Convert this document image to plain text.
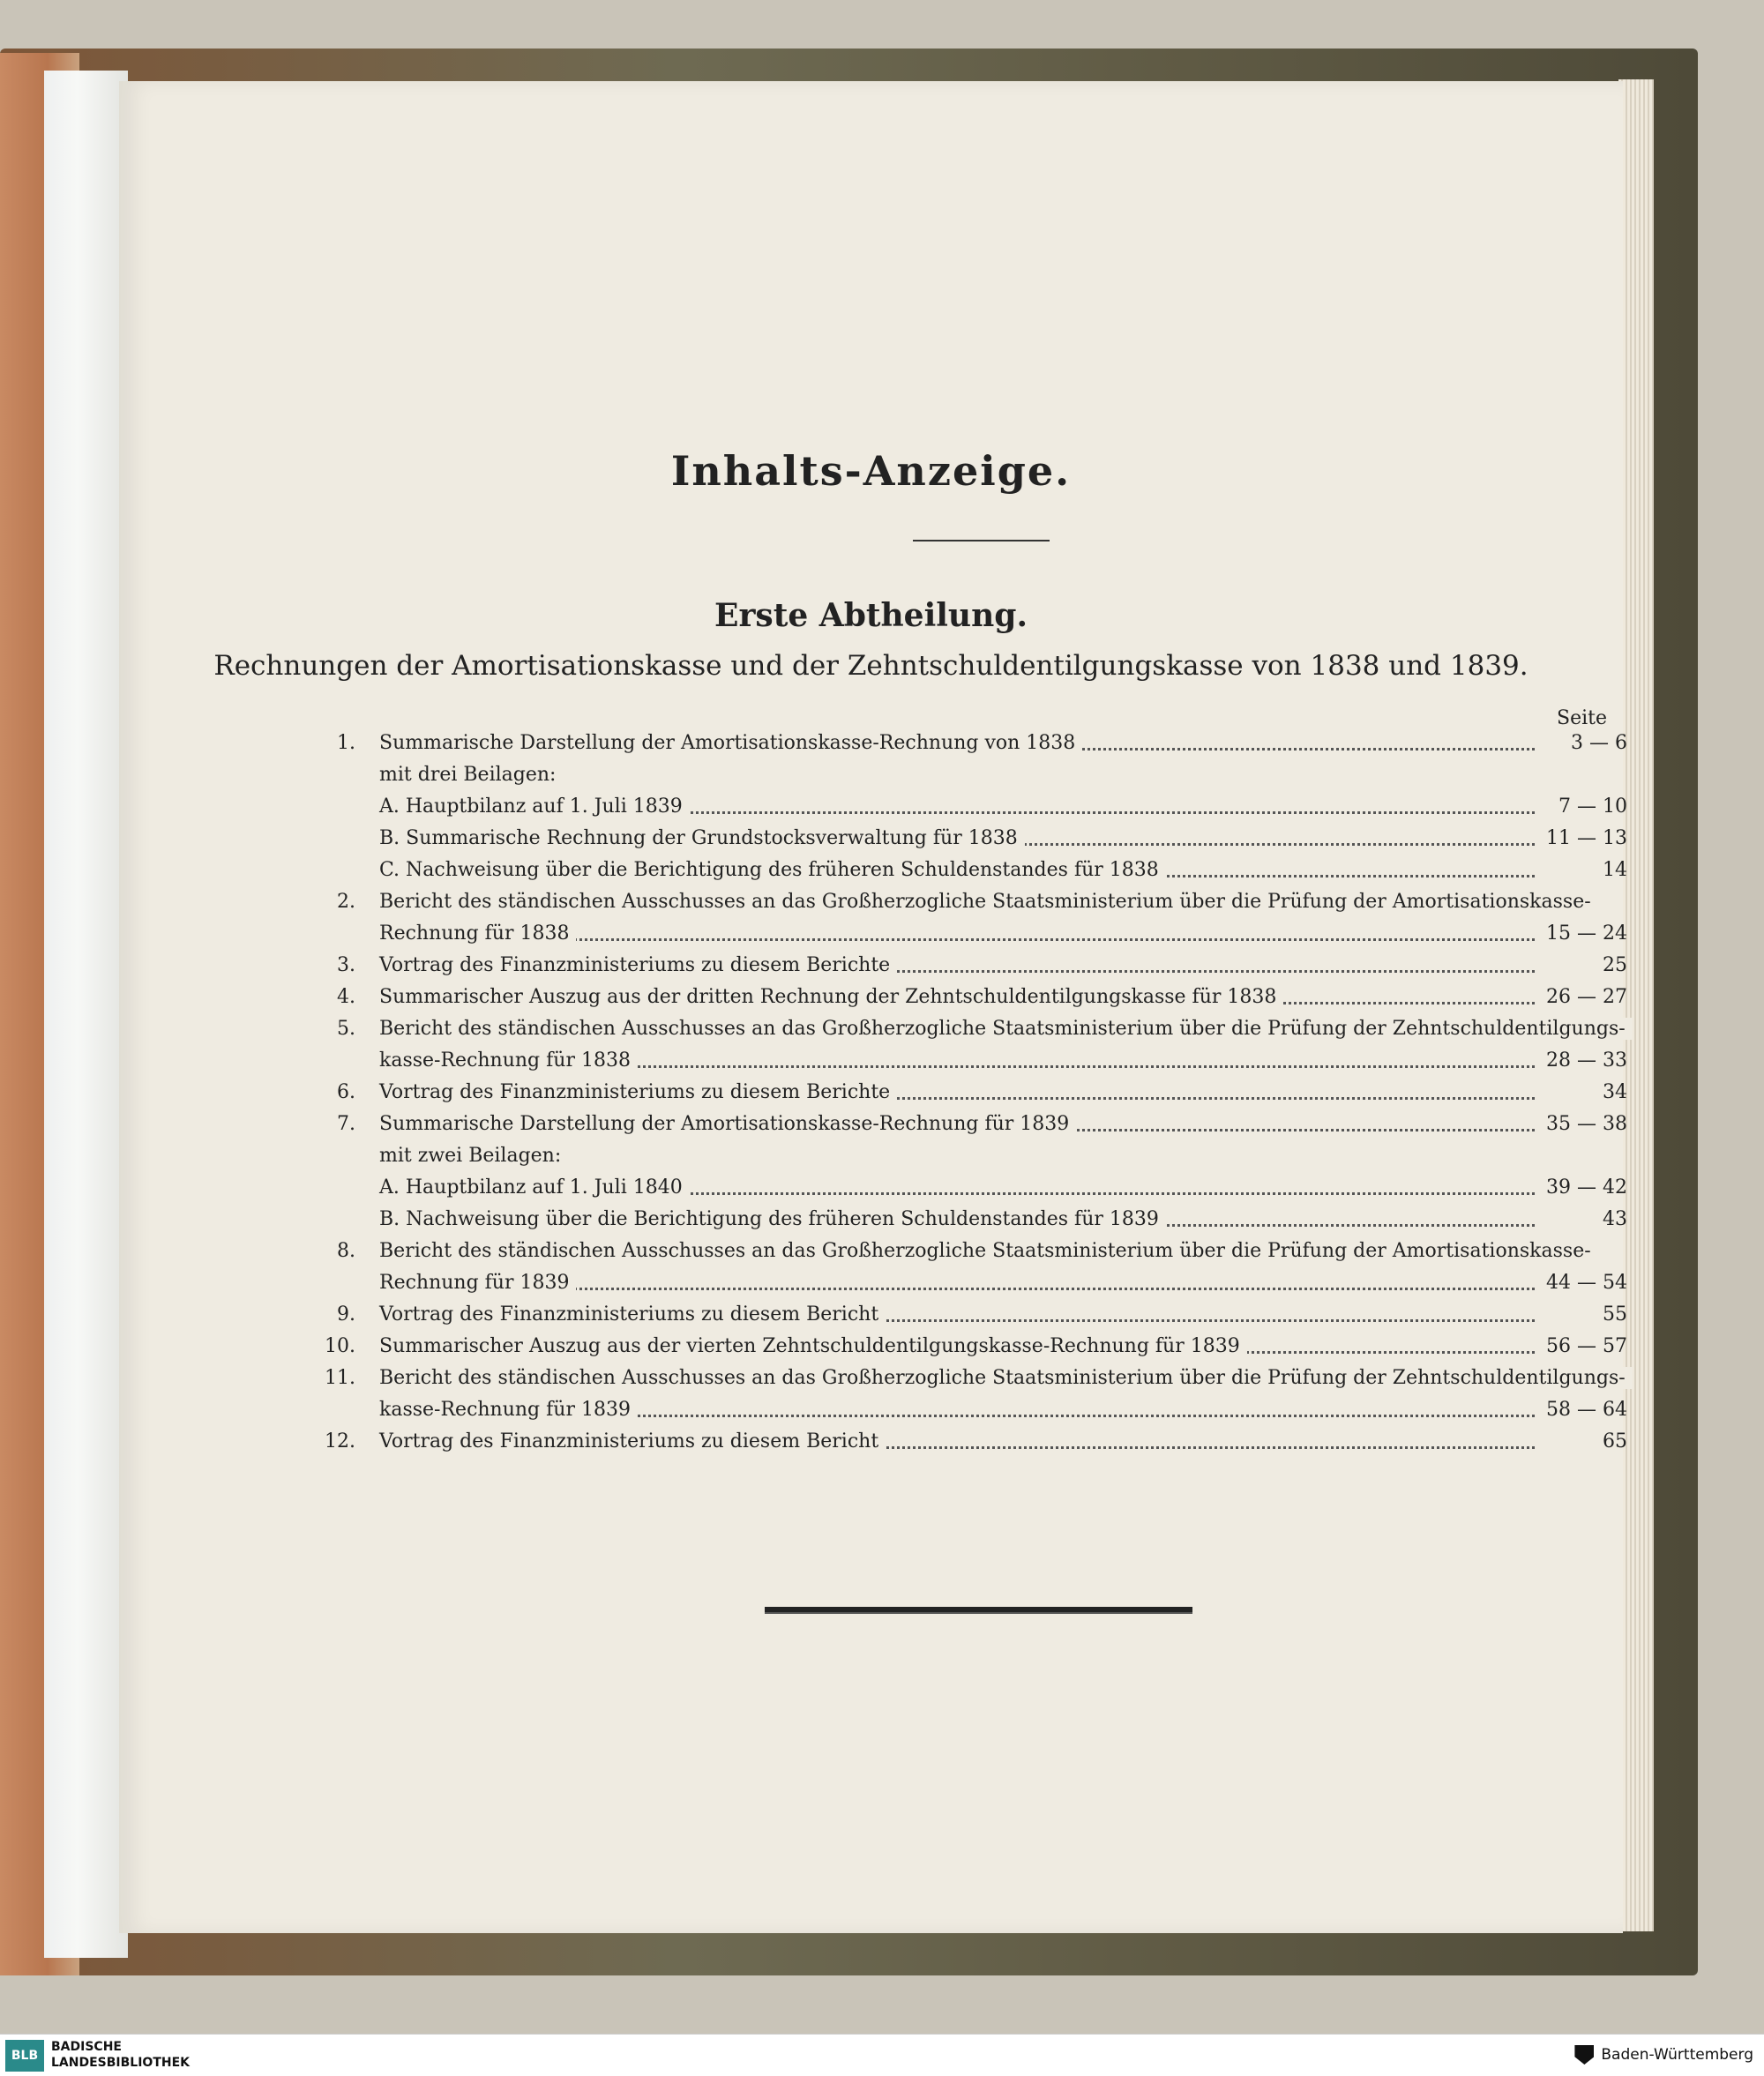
Inhalts-Anzeige.
Erste Abtheilung.
Rechnungen der Amortisationskasse und der Zehntschuldentilgungskasse von 1838 und 1839.
Seite
1. Summarische Darstellung der Amortisationskasse-Rechnung von 1838	3 — 6
mit drei Beilagen:
A. Hauptbilanz auf 1. Juli 1839	7 — 10
B. Summarische Rechnung der Grundstocksverwaltung für 1838	11 — 13
C. Nachweisung über die Berichtigung des früheren Schuldenstandes für 1838	14
2. Bericht des ständischen Ausschusses an das Großherzogliche Staatsministerium über die Prüfung der Amortisationskasse-
Rechnung für 1838	15 — 24
3. Vortrag des Finanzministeriums zu diesem Berichte	25
4. Summarischer Auszug aus der dritten Rechnung der Zehntschuldentilgungskasse für 1838	26 — 27
5. Bericht des ständischen Ausschusses an das Großherzogliche Staatsministerium über die Prüfung der Zehntschuldentilgungs-
kasse-Rechnung für 1838	28 — 33
6. Vortrag des Finanzministeriums zu diesem Berichte	34
7. Summarische Darstellung der Amortisationskasse-Rechnung für 1839	35 — 38
mit zwei Beilagen:
A. Hauptbilanz auf 1. Juli 1840	39 — 42
B. Nachweisung über die Berichtigung des früheren Schuldenstandes für 1839	43
8. Bericht des ständischen Ausschusses an das Großherzogliche Staatsministerium über die Prüfung der Amortisationskasse-
Rechnung für 1839	44 — 54
9. Vortrag des Finanzministeriums zu diesem Bericht	55
10. Summarischer Auszug aus der vierten Zehntschuldentilgungskasse-Rechnung für 1839	56 — 57
11. Bericht des ständischen Ausschusses an das Großherzogliche Staatsministerium über die Prüfung der Zehntschuldentilgungs-
kasse-Rechnung für 1839	58 — 64
12. Vortrag des Finanzministeriums zu diesem Bericht	65
BLB
BADISCHE
LANDESBIBLIOTHEK	Baden-Württemberg
